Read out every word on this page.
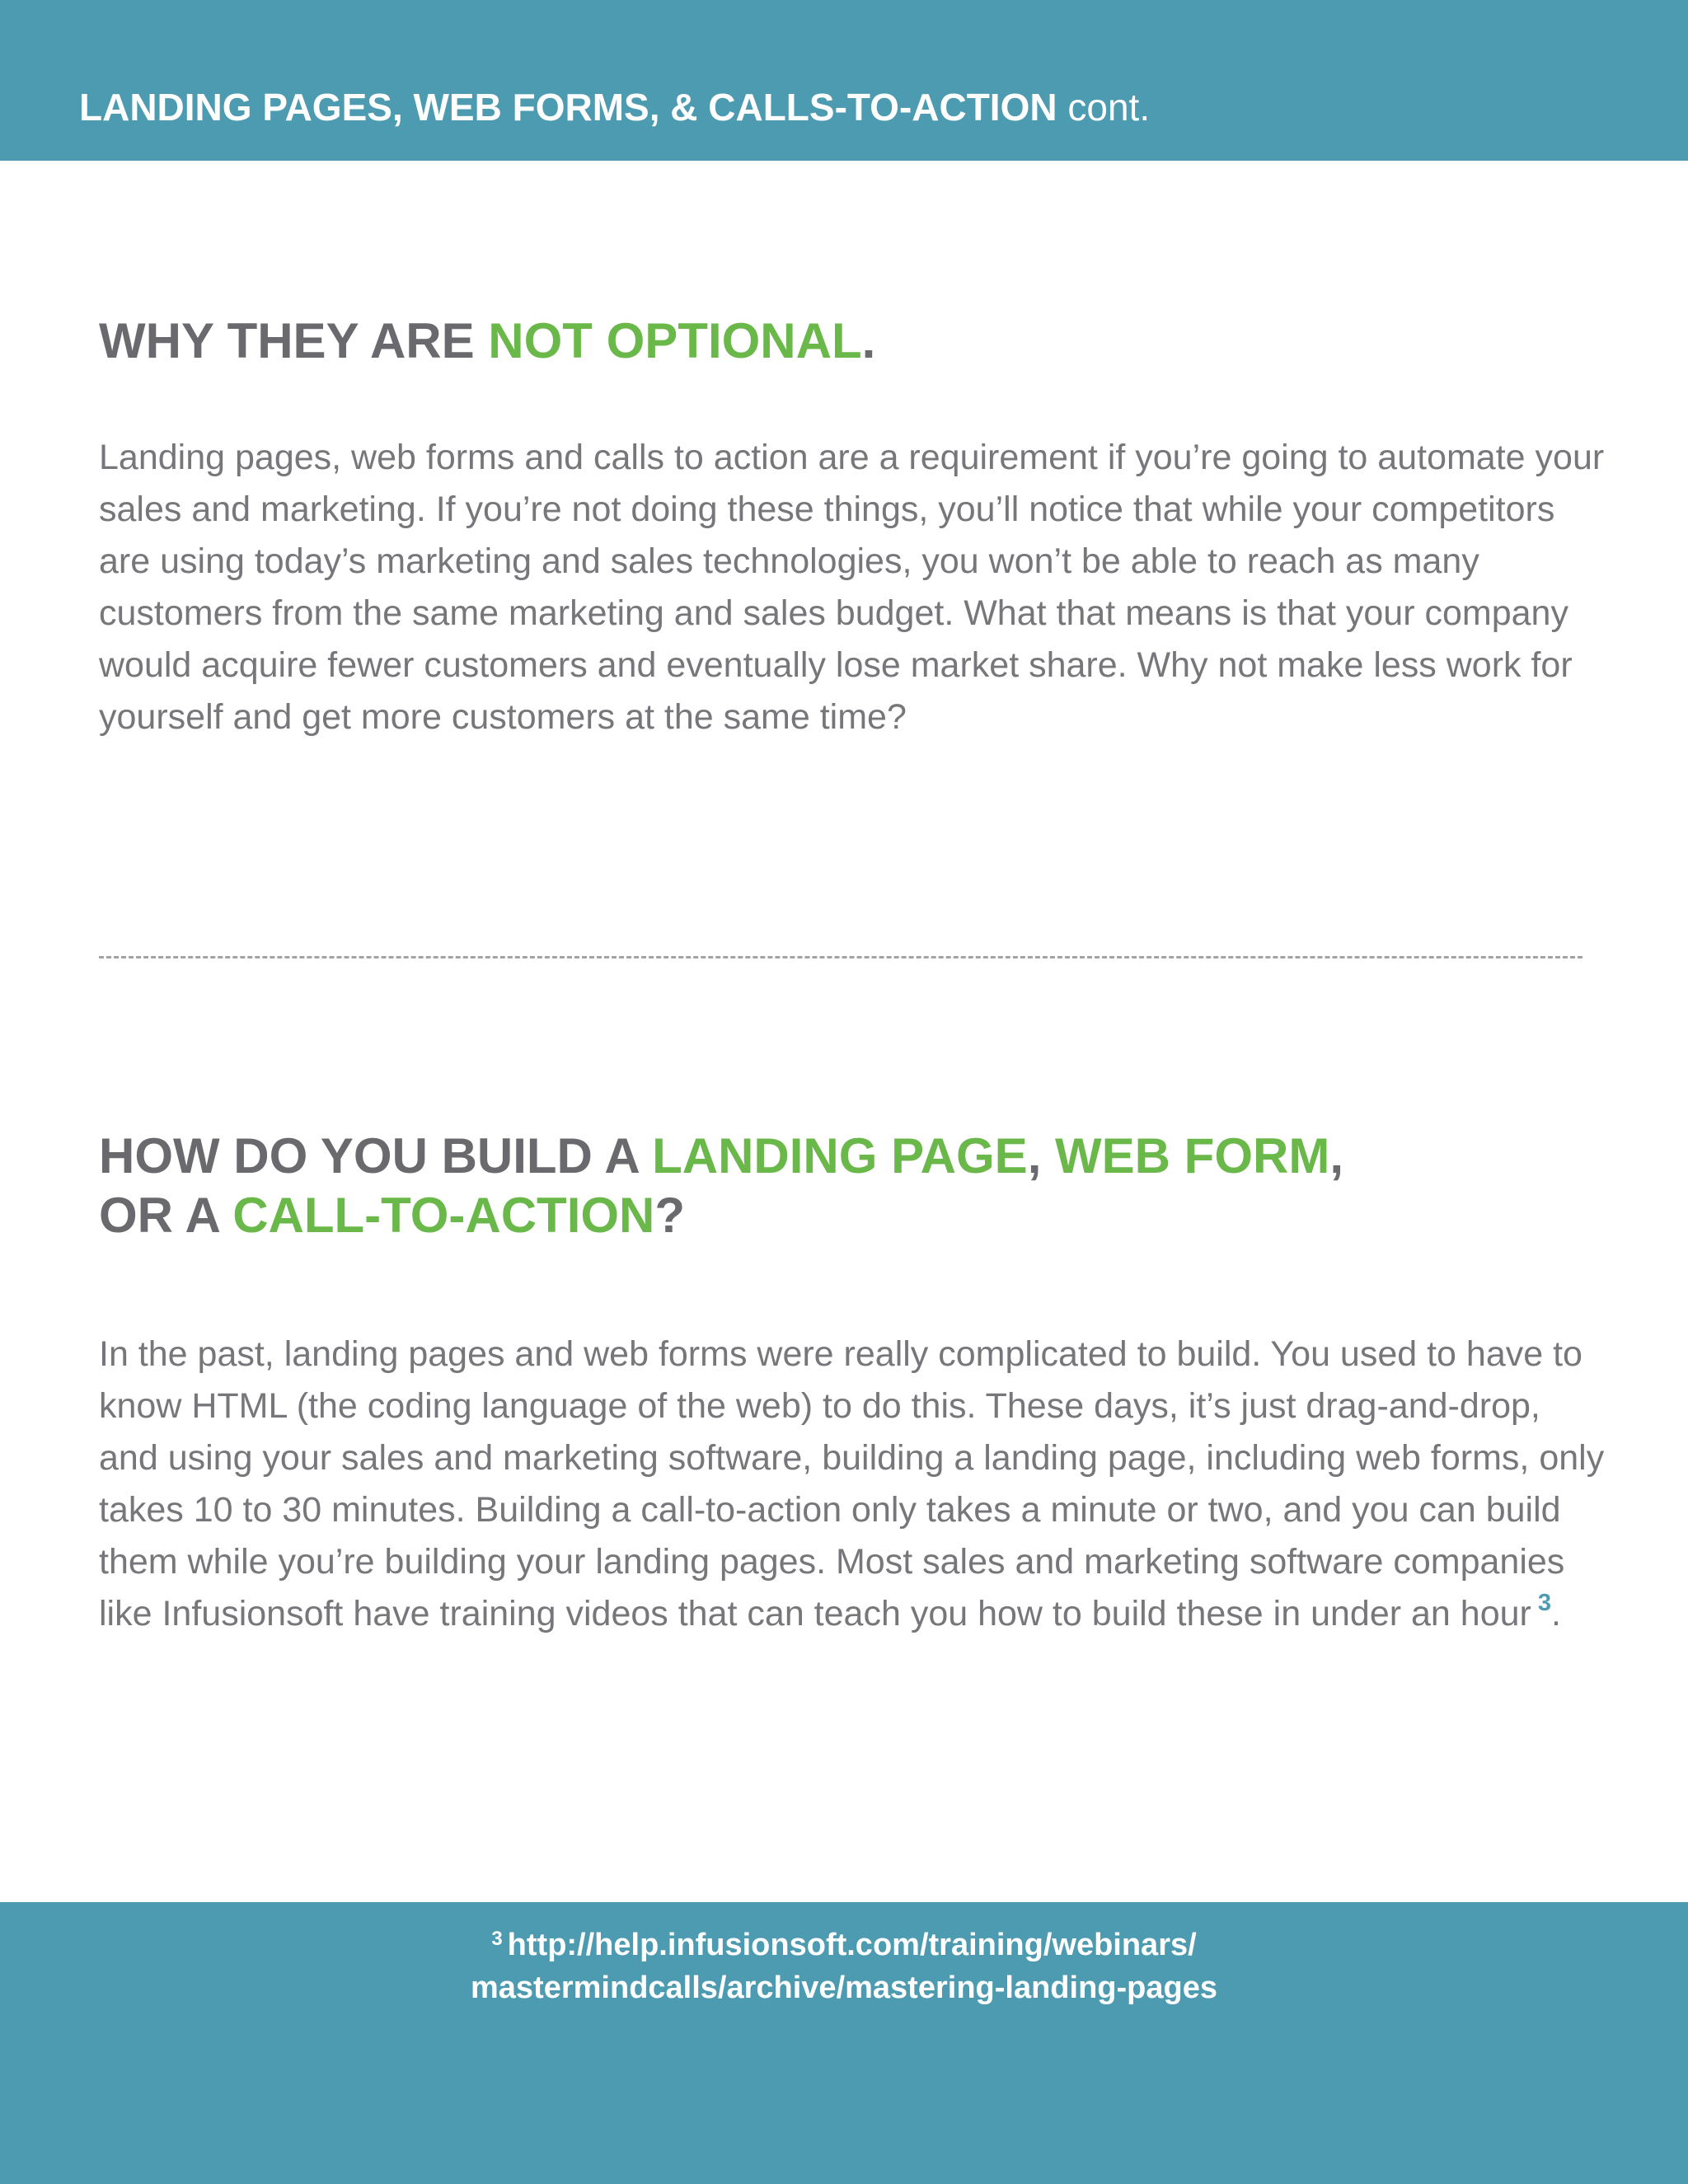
LANDING PAGES, WEB FORMS, & CALLS-TO-ACTION cont.
WHY THEY ARE NOT OPTIONAL.

Landing pages, web forms and calls to action are a requirement if you’re going to automate your sales and marketing. If you’re not doing these things, you’ll notice that while your competitors are using today’s marketing and sales technologies, you won’t be able to reach as many customers from the same marketing and sales budget. What that means is that your company would acquire fewer customers and eventually lose market share. Why not make less work for yourself and get more customers at the same time?

HOW DO YOU BUILD A LANDING PAGE, WEB FORM,
OR A CALL-TO-ACTION?

In the past, landing pages and web forms were really complicated to build. You used to have to know HTML (the coding language of the web) to do this. These days, it’s just drag-and-drop, and using your sales and marketing software, building a landing page, including web forms, only takes 10 to 30 minutes. Building a call-to-action only takes a minute or two, and you can build them while you’re building your landing pages. Most sales and marketing software companies like Infusionsoft have training videos that can teach you how to build these in under an hour $^3$.

$^3$ http://help.infusionsoft.com/training/webinars/
mastermindcalls/archive/mastering-landing-pages
